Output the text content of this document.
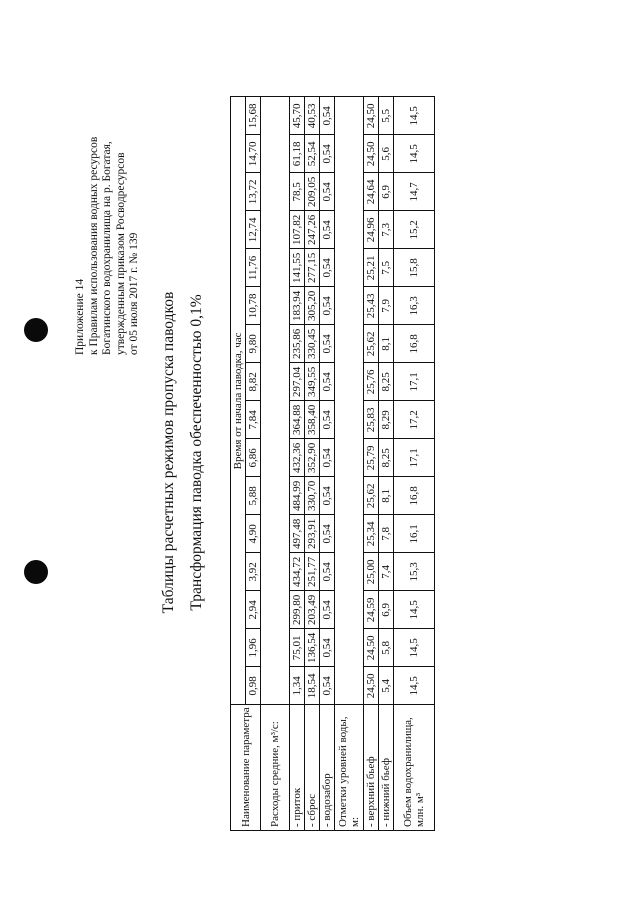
Приложение 14 к Правилам использования водных ресурсов Богатинского водохранилища на р. Богатая, утвержденным приказом Росводресурсов от 05 июля 2017 г. № 139 Таблицы расчетных режимов пропуска паводков Трансформация паводка обеспеченностью 0,1%
Наименование параметра	Время от начала паводка, час															
	0,98	1,96	2,94	3,92	4,90	5,88	6,86	7,84	8,82	9,80	10,78	11,76	12,74	13,72	14,70	15,68
Расходы средние, м³/с:																
- приток	1,34	75,01	299,80	434,72	497,48	484,99	432,36	364,88	297,04	235,86	183,94	141,55	107,82	78,5	61,18	45,70
- сброс	18,54	136,54	203,49	251,77	293,91	330,70	352,90	358,40	349,55	330,45	305,20	277,15	247,26	209,05	52,54	40,53
- водозабор	0,54	0,54	0,54	0,54	0,54	0,54	0,54	0,54	0,54	0,54	0,54	0,54	0,54	0,54	0,54	0,54
Отметки уровней воды, м:																
- верхний бьеф	24,50	24,50	24,59	25,00	25,34	25,62	25,79	25,83	25,76	25,62	25,43	25,21	24,96	24,64	24,50	24,50
- нижний бьеф	5,4	5,8	6,9	7,4	7,8	8,1	8,25	8,29	8,25	8,1	7,9	7,5	7,3	6,9	5,6	5,5
Объем водохранилища, млн. м³	14,5	14,5	14,5	15,3	16,1	16,8	17,1	17,2	17,1	16,8	16,3	15,8	15,2	14,7	14,5	14,5
